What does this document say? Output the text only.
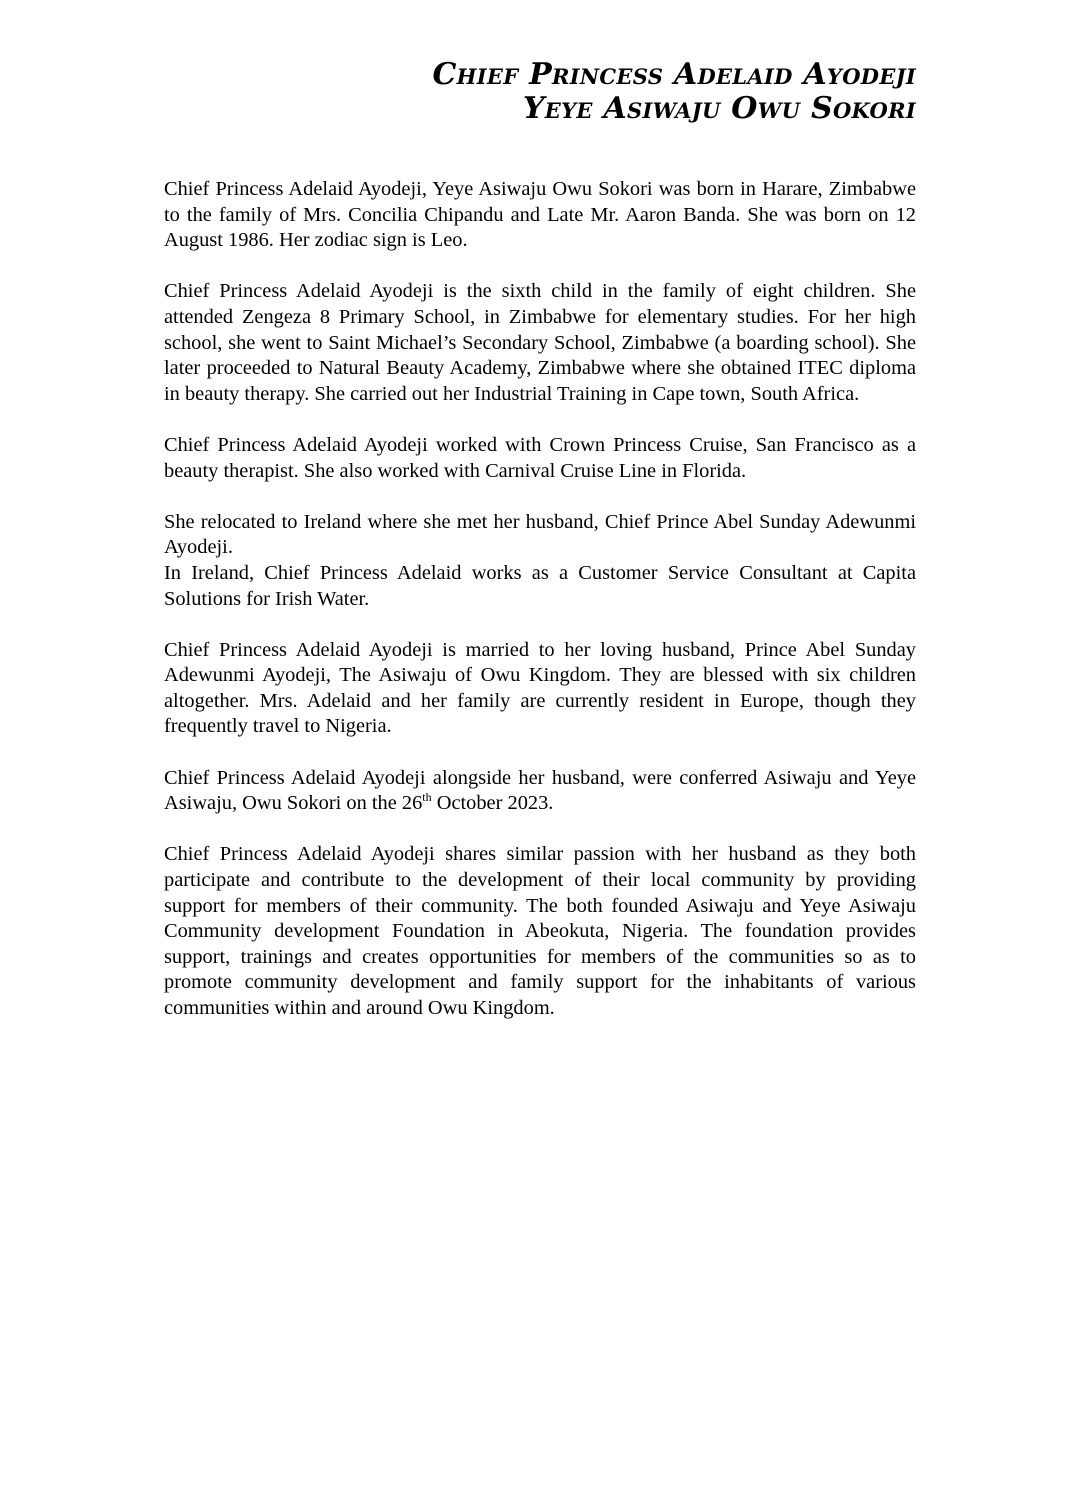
Chief Princess Adelaid Ayodeji
Yeye Asiwaju Owu Sokori

Chief Princess Adelaid Ayodeji, Yeye Asiwaju Owu Sokori was born in Harare, Zimbabwe to the family of Mrs. Concilia Chipandu and Late Mr. Aaron Banda. She was born on 12 August 1986. Her zodiac sign is Leo.

Chief Princess Adelaid Ayodeji is the sixth child in the family of eight children. She attended Zengeza 8 Primary School, in Zimbabwe for elementary studies. For her high school, she went to Saint Michael’s Secondary School, Zimbabwe (a boarding school). She later proceeded to Natural Beauty Academy, Zimbabwe where she obtained ITEC diploma in beauty therapy. She carried out her Industrial Training in Cape town, South Africa.

Chief Princess Adelaid Ayodeji worked with Crown Princess Cruise, San Francisco as a beauty therapist. She also worked with Carnival Cruise Line in Florida.

She relocated to Ireland where she met her husband, Chief Prince Abel Sunday Adewunmi Ayodeji.

In Ireland, Chief Princess Adelaid works as a Customer Service Consultant at Capita Solutions for Irish Water.

Chief Princess Adelaid Ayodeji is married to her loving husband, Prince Abel Sunday Adewunmi Ayodeji, The Asiwaju of Owu Kingdom. They are blessed with six children altogether. Mrs. Adelaid and her family are currently resident in Europe, though they frequently travel to Nigeria.

Chief Princess Adelaid Ayodeji alongside her husband, were conferred Asiwaju and Yeye Asiwaju, Owu Sokori on the 26th October 2023.

Chief Princess Adelaid Ayodeji shares similar passion with her husband as they both participate and contribute to the development of their local community by providing support for members of their community. The both founded Asiwaju and Yeye Asiwaju Community development Foundation in Abeokuta, Nigeria. The foundation provides support, trainings and creates opportunities for members of the communities so as to promote community development and family support for the inhabitants of various communities within and around Owu Kingdom.
